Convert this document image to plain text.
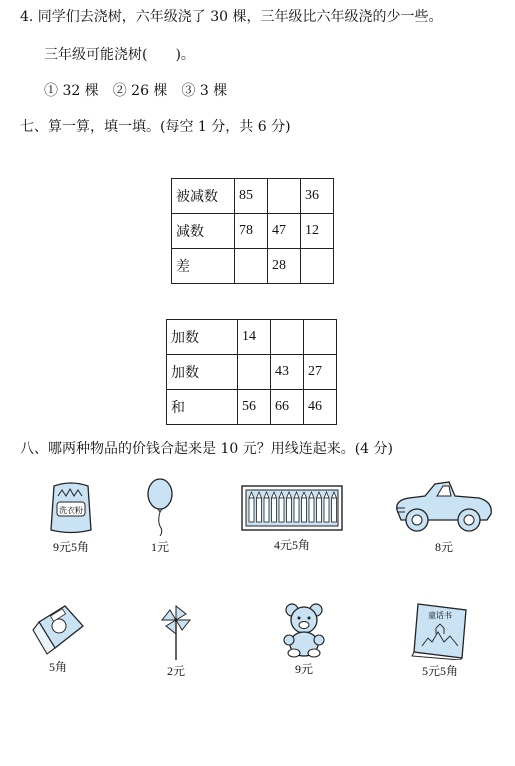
4. 同学们去浇树，六年级浇了 30 棵，三年级比六年级浇的少一些。
三年级可能浇树(　　)。
① 32 棵　② 26 棵　③ 3 棵
七、算一算，填一填。(每空 1 分，共 6 分)
被减数	85		36
减数	78	47	12
差		28	
加数	14		
加数		43	27
和	56	66	46
八、哪两种物品的价钱合起来是 10 元？用线连起来。(4 分)
洗衣粉
9元5角	1元	4元5角	8元
5角	2元	9元
童话书
5元5角
